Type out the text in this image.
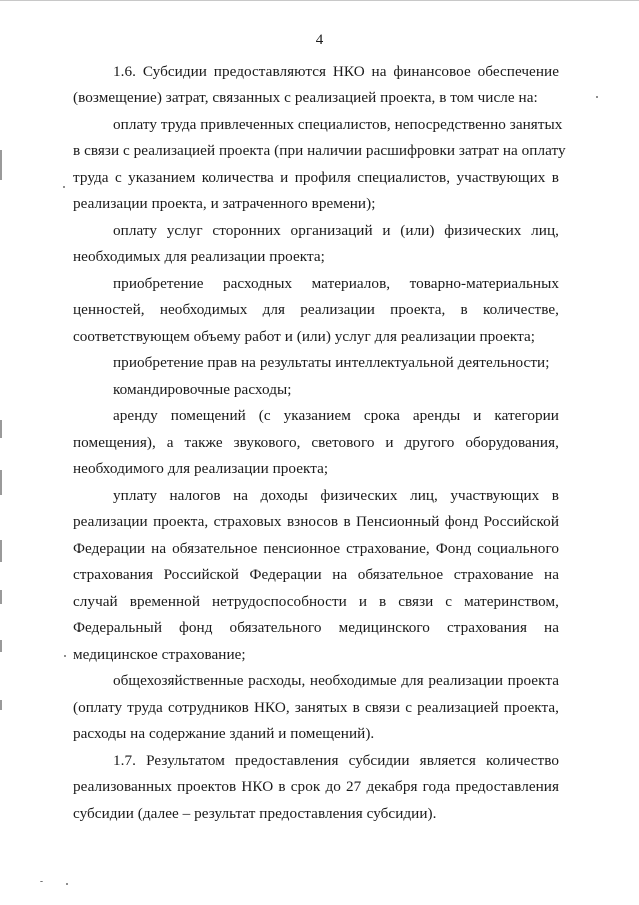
4
1.6. Субсидии предоставляются НКО на финансовое обеспечение
(возмещение) затрат, связанных с реализацией проекта, в том числе на:
оплату труда привлеченных специалистов, непосредственно занятых
в связи с реализацией проекта (при наличии расшифровки затрат на оплату
труда с указанием количества и профиля специалистов, участвующих в
реализации проекта, и затраченного времени);
оплату услуг сторонних организаций и (или) физических лиц,
необходимых для реализации проекта;
приобретение расходных материалов, товарно-материальных
ценностей, необходимых для реализации проекта, в количестве,
соответствующем объему работ и (или) услуг для реализации проекта;
приобретение прав на результаты интеллектуальной деятельности;
командировочные расходы;
аренду помещений (с указанием срока аренды и категории
помещения), а также звукового, светового и другого оборудования,
необходимого для реализации проекта;
уплату налогов на доходы физических лиц, участвующих в
реализации проекта, страховых взносов в Пенсионный фонд Российской
Федерации на обязательное пенсионное страхование, Фонд социального
страхования Российской Федерации на обязательное страхование на
случай временной нетрудоспособности и в связи с материнством,
Федеральный фонд обязательного медицинского страхования на
медицинское страхование;
общехозяйственные расходы, необходимые для реализации проекта
(оплату труда сотрудников НКО, занятых в связи с реализацией проекта,
расходы на содержание зданий и помещений).
1.7. Результатом предоставления субсидии является количество
реализованных проектов НКО в срок до 27 декабря года предоставления
субсидии (далее – результат предоставления субсидии).
